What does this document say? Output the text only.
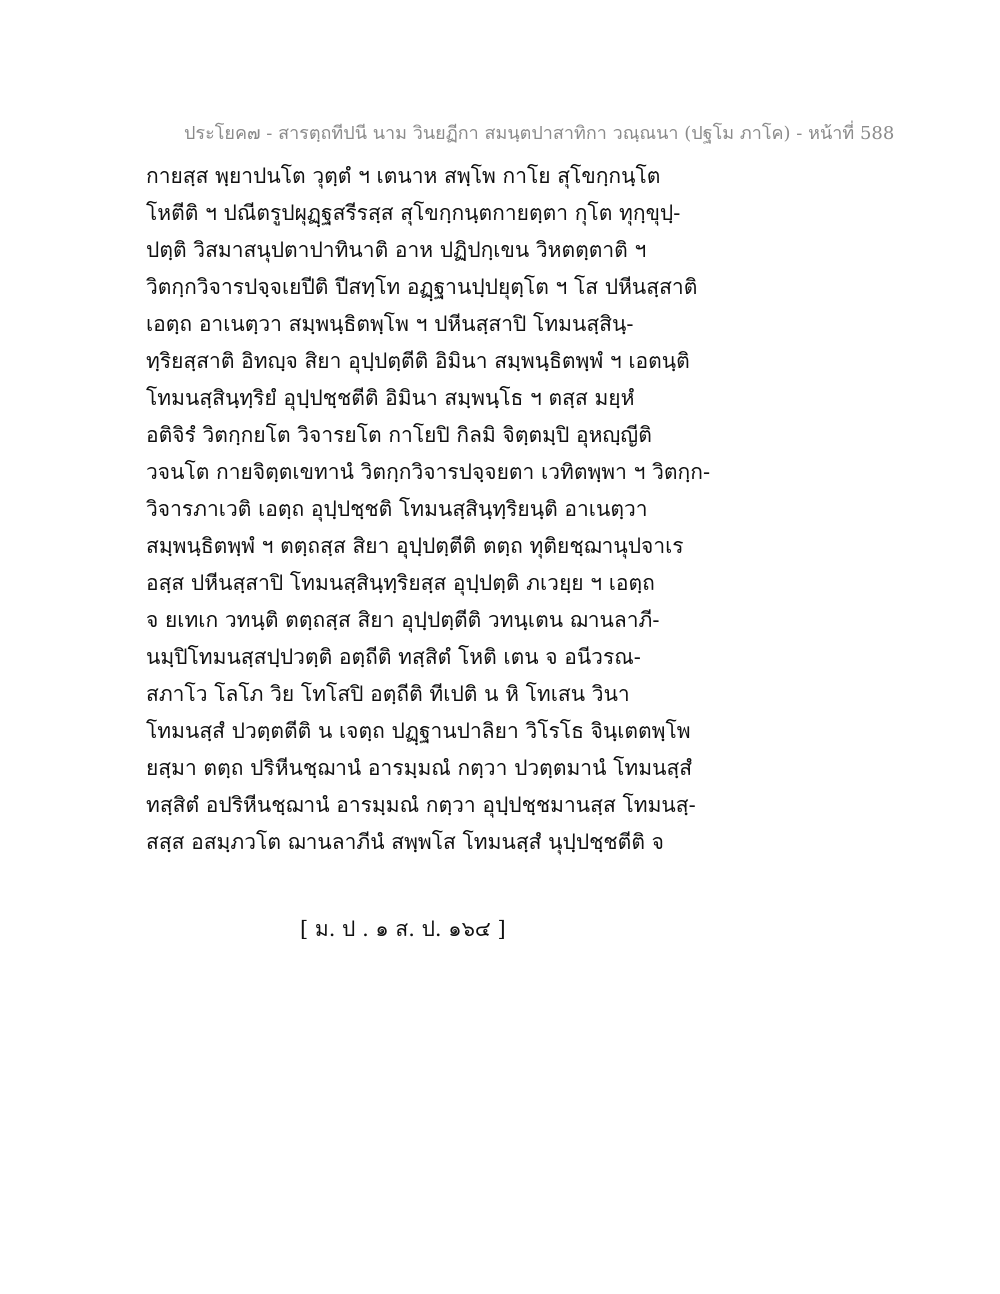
ประโยค๗ - สารตฺถทีปนี นาม วินยฏีกา สมนฺตปาสาทิกา วณฺณนา (ปฐโม ภาโค) - หน้าที่ 588
กายสฺส พฺยาปนโต วุตฺตํ ฯ เตนาห สพฺโพ กาโย สุโขกฺกนฺโต
โหตีติ ฯ ปณีตรูปผุฏฺฐสรีรสฺส สุโขกฺกนฺตกายตฺตา กุโต ทุกฺขุปฺ-
ปตฺติ วิสมาสนุปตาปาทินาติ อาห ปฏิปกฺเขน วิหตตฺตาติ ฯ
วิตกฺกวิจารปจฺจเยปีติ ปีสทฺโท อฏฺฐานปฺปยุตฺโต ฯ โส ปหีนสฺสาติ
เอตฺถ อาเนตฺวา สมฺพนฺธิตพฺโพ ฯ ปหีนสฺสาปิ โทมนสฺสินฺ-
ทฺริยสฺสาติ อิทญฺจ สิยา อุปฺปตฺตีติ อิมินา สมฺพนฺธิตพฺพํ ฯ เอตนฺติ
โทมนสฺสินฺทฺริยํ อุปฺปชฺชตีติ อิมินา สมฺพนฺโธ ฯ ตสฺส มยฺหํ
อติจิรํ วิตกฺกยโต วิจารยโต กาโยปิ กิลมิ จิตฺตมฺปิ อุหญฺญีติ
วจนโต กายจิตฺตเขทานํ วิตกฺกวิจารปจฺจยตา เวทิตพฺพา ฯ วิตกฺก-
วิจารภาเวติ เอตฺถ อุปฺปชฺชติ โทมนสฺสินฺทฺริยนฺติ อาเนตฺวา
สมฺพนฺธิตพฺพํ ฯ ตตฺถสฺส สิยา อุปฺปตฺตีติ ตตฺถ ทุติยชฺฌานุปจาเร
อสฺส ปหีนสฺสาปิ โทมนสฺสินฺทฺริยสฺส อุปฺปตฺติ ภเวยฺย ฯ เอตฺถ
จ ยเทเก วทนฺติ ตตฺถสฺส สิยา อุปฺปตฺตีติ วทนฺเตน ฌานลาภี-
นมฺปิโทมนสฺสปฺปวตฺติ อตฺถีติ ทสฺสิตํ โหติ เตน จ อนีวรณ-
สภาโว โลโภ วิย โทโสปิ อตฺถีติ ทีเปติ น หิ โทเสน วินา
โทมนสฺสํ ปวตฺตตีติ น เจตฺถ ปฏฺฐานปาลิยา วิโรโธ จินฺเตตพฺโพ
ยสฺมา ตตฺถ ปริหีนชฺฌานํ อารมฺมณํ กตฺวา ปวตฺตมานํ โทมนสฺสํ
ทสฺสิตํ อปริหีนชฺฌานํ อารมฺมณํ กตฺวา อุปฺปชฺชมานสฺส โทมนสฺ-
สสฺส อสมฺภวโต ฌานลาภีนํ สพฺพโส โทมนสฺสํ นุปฺปชฺชตีติ จ
[ ม. ป . ๑ ส. ป. ๑๖๔ ]
